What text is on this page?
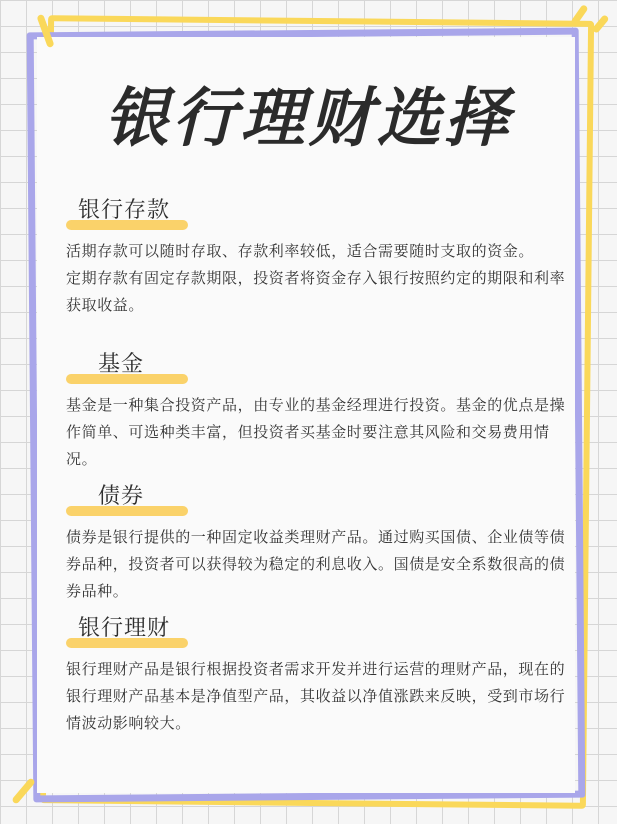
银行理财选择
银行存款

活期存款可以随时存取、存款利率较低，适合需要随时支取的资金。

定期存款有固定存款期限，投资者将资金存入银行按照约定的期限和利率获取收益。

基金

基金是一种集合投资产品，由专业的基金经理进行投资。基金的优点是操作简单、可选种类丰富，但投资者买基金时要注意其风险和交易费用情况。

债券

债券是银行提供的一种固定收益类理财产品。通过购买国债、企业债等债券品种，投资者可以获得较为稳定的利息收入。国债是安全系数很高的债券品种。

银行理财

银行理财产品是银行根据投资者需求开发并进行运营的理财产品，现在的银行理财产品基本是净值型产品，其收益以净值涨跌来反映，受到市场行情波动影响较大。
